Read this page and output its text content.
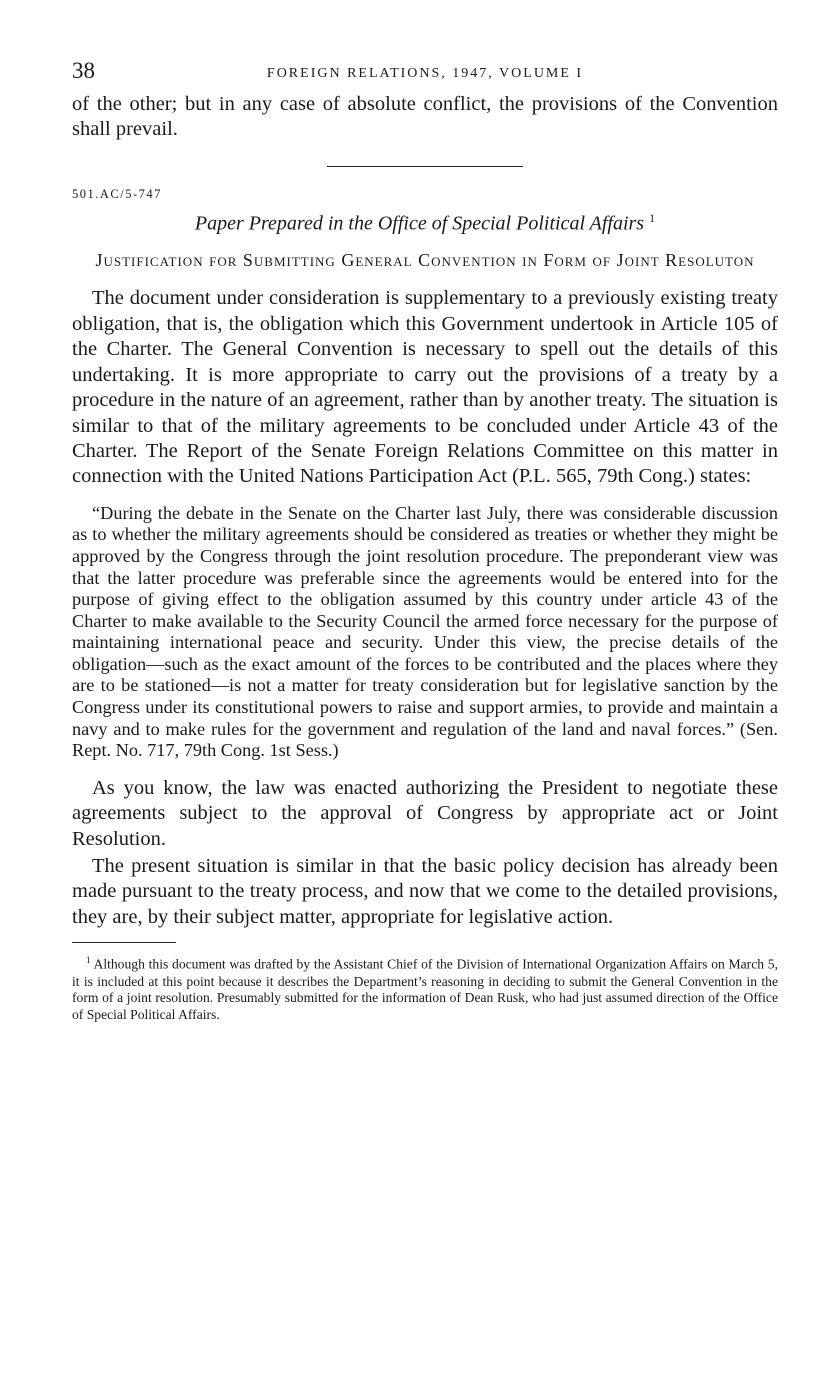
38	FOREIGN RELATIONS, 1947, VOLUME I

of the other; but in any case of absolute conflict, the provisions of the Convention shall prevail.

501.AC/5-747
Paper Prepared in the Office of Special Political Affairs $^1$
Justification for Submitting General Convention in Form of Joint Resoluton

The document under consideration is supplementary to a previously existing treaty obligation, that is, the obligation which this Government undertook in Article 105 of the Charter. The General Convention is necessary to spell out the details of this undertaking. It is more appropriate to carry out the provisions of a treaty by a procedure in the nature of an agreement, rather than by another treaty. The situation is similar to that of the military agreements to be concluded under Article 43 of the Charter. The Report of the Senate Foreign Relations Committee on this matter in connection with the United Nations Participation Act (P.L. 565, 79th Cong.) states:

“During the debate in the Senate on the Charter last July, there was considerable discussion as to whether the military agreements should be considered as treaties or whether they might be approved by the Congress through the joint resolution procedure. The preponderant view was that the latter procedure was preferable since the agreements would be entered into for the purpose of giving effect to the obligation assumed by this country under article 43 of the Charter to make available to the Security Council the armed force necessary for the purpose of maintaining international peace and security. Under this view, the precise details of the obligation—such as the exact amount of the forces to be contributed and the places where they are to be stationed—is not a matter for treaty consideration but for legislative sanction by the Congress under its constitutional powers to raise and support armies, to provide and maintain a navy and to make rules for the government and regulation of the land and naval forces.” (Sen. Rept. No. 717, 79th Cong. 1st Sess.)

As you know, the law was enacted authorizing the President to negotiate these agreements subject to the approval of Congress by appropriate act or Joint Resolution.

The present situation is similar in that the basic policy decision has already been made pursuant to the treaty process, and now that we come to the detailed provisions, they are, by their subject matter, appropriate for legislative action.

$^1$ Although this document was drafted by the Assistant Chief of the Division of International Organization Affairs on March 5, it is included at this point because it describes the Department’s reasoning in deciding to submit the General Convention in the form of a joint resolution. Presumably submitted for the information of Dean Rusk, who had just assumed direction of the Office of Special Political Affairs.
